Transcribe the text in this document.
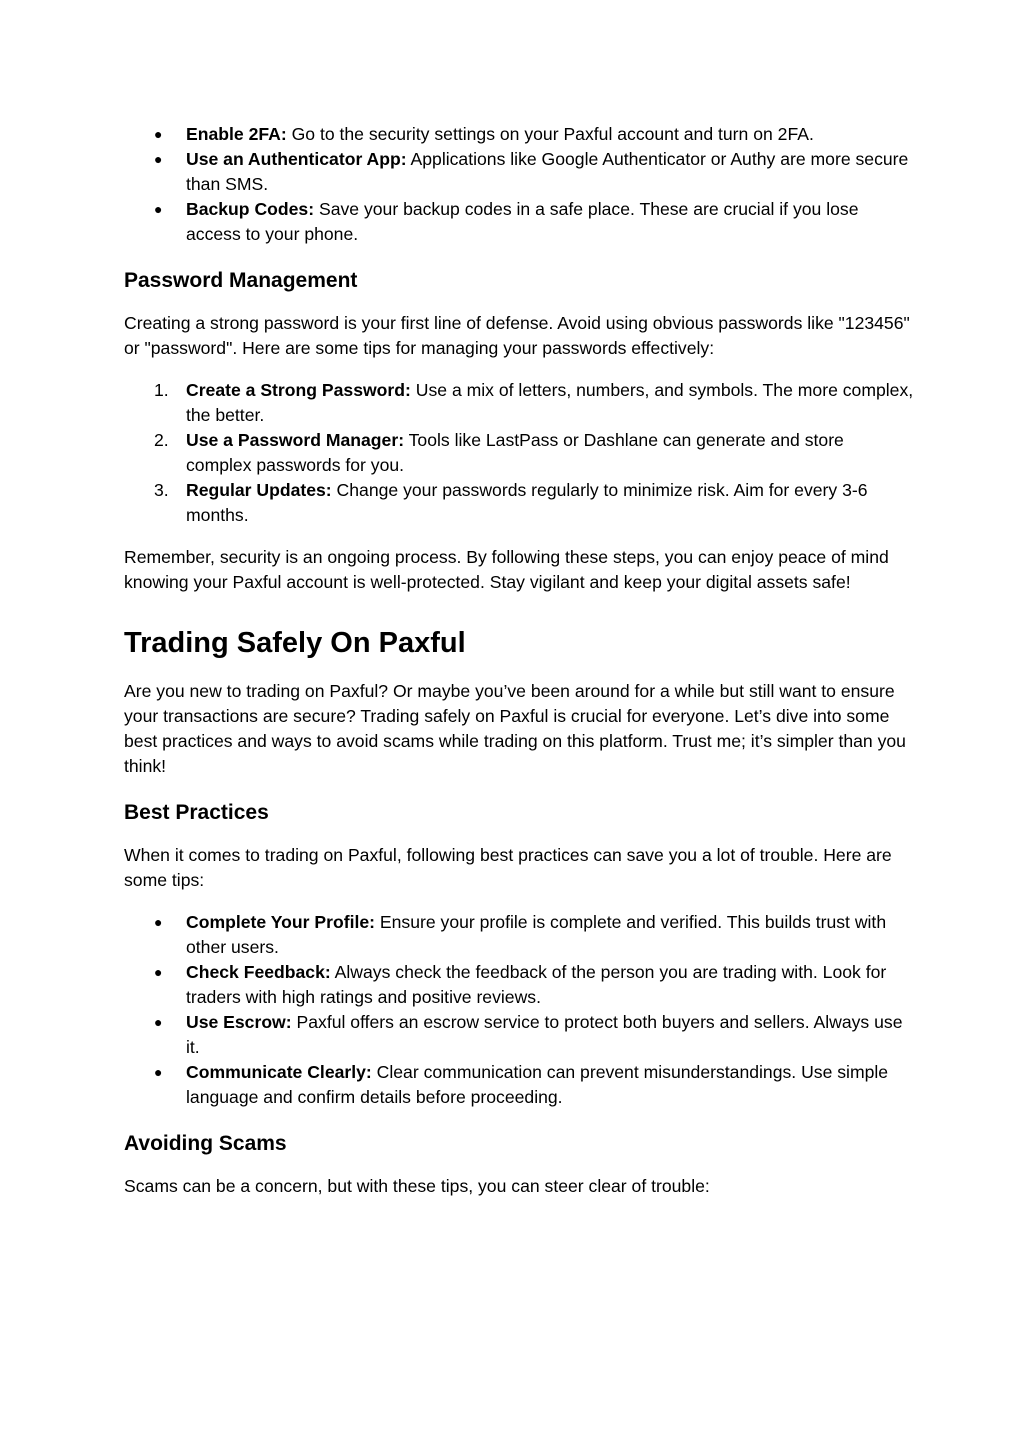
● Enable 2FA: Go to the security settings on your Paxful account and turn on 2FA.
● Use an Authenticator App: Applications like Google Authenticator or Authy are more secure than SMS.
● Backup Codes: Save your backup codes in a safe place. These are crucial if you lose access to your phone.
Password Management

Creating a strong password is your first line of defense. Avoid using obvious passwords like "123456" or "password". Here are some tips for managing your passwords effectively:

1. Create a Strong Password: Use a mix of letters, numbers, and symbols. The more complex, the better.
2. Use a Password Manager: Tools like LastPass or Dashlane can generate and store complex passwords for you.
3. Regular Updates: Change your passwords regularly to minimize risk. Aim for every 3-6 months.

Remember, security is an ongoing process. By following these steps, you can enjoy peace of mind knowing your Paxful account is well-protected. Stay vigilant and keep your digital assets safe!

Trading Safely On Paxful

Are you new to trading on Paxful? Or maybe you’ve been around for a while but still want to ensure your transactions are secure? Trading safely on Paxful is crucial for everyone. Let’s dive into some best practices and ways to avoid scams while trading on this platform. Trust me; it’s simpler than you think!

Best Practices

When it comes to trading on Paxful, following best practices can save you a lot of trouble. Here are some tips:

● Complete Your Profile: Ensure your profile is complete and verified. This builds trust with other users.
● Check Feedback: Always check the feedback of the person you are trading with. Look for traders with high ratings and positive reviews.
● Use Escrow: Paxful offers an escrow service to protect both buyers and sellers. Always use it.
● Communicate Clearly: Clear communication can prevent misunderstandings. Use simple language and confirm details before proceeding.
Avoiding Scams

Scams can be a concern, but with these tips, you can steer clear of trouble:
